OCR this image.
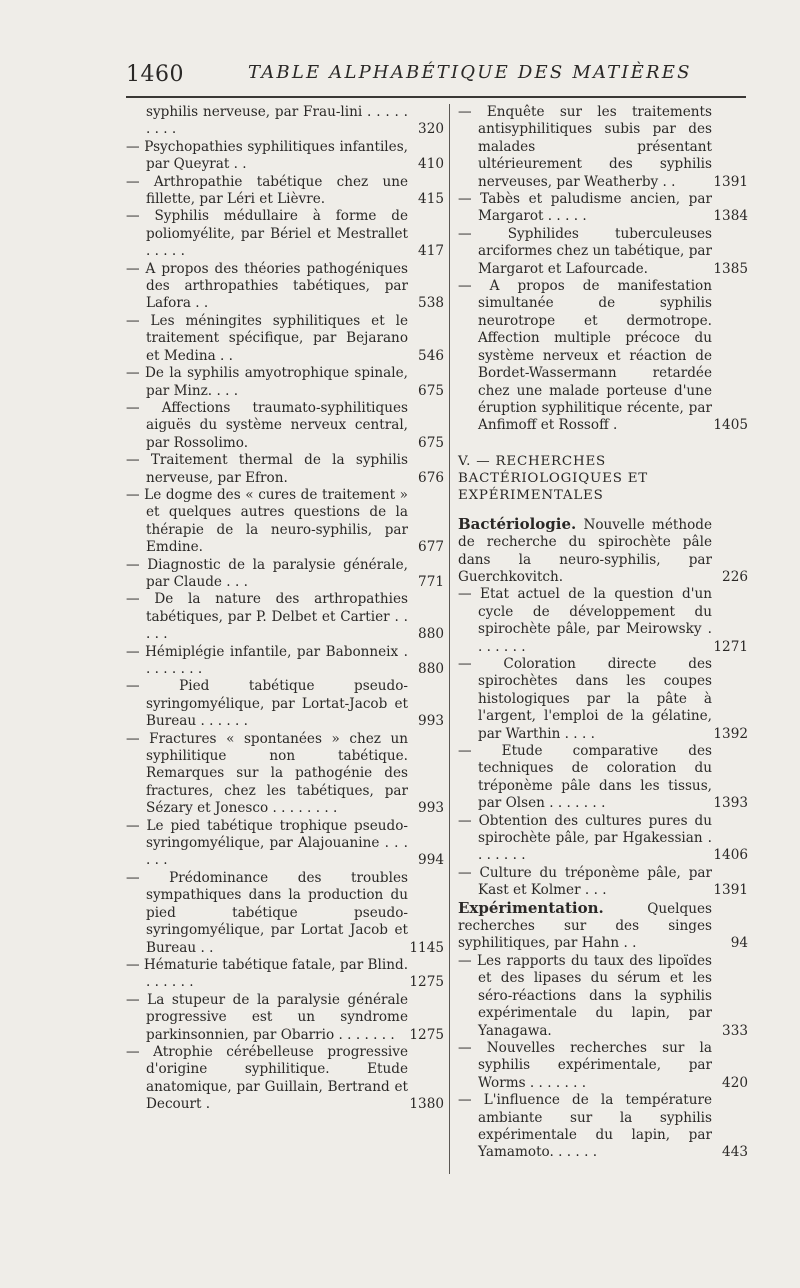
1460	TABLE ALPHABÉTIQUE DES MATIÈRES
syphilis nerveuse, par Frau-lini . . . . . . . . .	320
— Psychopathies syphilitiques infantiles, par Queyrat . .	410
— Arthropathie tabétique chez une fillette, par Léri et Lièvre.	415
— Syphilis médullaire à forme de poliomyélite, par Bériel et Mestrallet . . . . .	417
— A propos des théories pathogéniques des arthropathies tabétiques, par Lafora . .	538
— Les méningites syphilitiques et le traitement spécifique, par Bejarano et Medina . .	546
— De la syphilis amyotrophique spinale, par Minz. . . .	675
— Affections traumato-syphilitiques aiguës du système nerveux central, par Rossolimo.	675
— Traitement thermal de la syphilis nerveuse, par Efron.	676
— Le dogme des « cures de traitement » et quelques autres questions de la thérapie de la neuro-syphilis, par Emdine.	677
— Diagnostic de la paralysie générale, par Claude . . .	771
— De la nature des arthropathies tabétiques, par P. Delbet et Cartier . . . . .	880
— Hémiplégie infantile, par Babonneix . . . . . . . .	880
— Pied tabétique pseudo-syringomyélique, par Lortat-Jacob et Bureau . . . . . .	993
— Fractures « spontanées » chez un syphilitique non tabétique. Remarques sur la pathogénie des fractures, chez les tabétiques, par Sézary et Jonesco . . . . . . . .	993
— Le pied tabétique trophique pseudo-syringomyélique, par Alajouanine . . . . . .	994
— Prédominance des troubles sympathiques dans la production du pied tabétique pseudo-syringomyélique, par Lortat Jacob et Bureau . .	1145
— Hématurie tabétique fatale, par Blind. . . . . . .	1275
— La stupeur de la paralysie générale progressive est un syndrome parkinsonnien, par Obarrio . . . . . . .	1275
— Atrophie cérébelleuse progressive d'origine syphilitique. Etude anatomique, par Guillain, Bertrand et Decourt .	1380
— Enquête sur les traitements antisyphilitiques subis par des malades présentant ultérieurement des syphilis nerveuses, par Weatherby . .	1391
— Tabès et paludisme ancien, par Margarot . . . . .	1384
— Syphilides tuberculeuses arciformes chez un tabétique, par Margarot et Lafourcade.	1385
— A propos de manifestation simultanée de syphilis neurotrope et dermotrope. Affection multiple précoce du système nerveux et réaction de Bordet-Wassermann retardée chez une malade porteuse d'une éruption syphilitique récente, par Anfimoff et Rossoff .	1405
V. — RECHERCHES BACTÉRIOLOGIQUES ET EXPÉRIMENTALES
Bactériologie. Nouvelle méthode de recherche du spirochète pâle dans la neuro-syphilis, par Guerchkovitch.	226
— Etat actuel de la question d'un cycle de développement du spirochète pâle, par Meirowsky . . . . . . .	1271
— Coloration directe des spirochètes dans les coupes histologiques par la pâte à l'argent, l'emploi de la gélatine, par Warthin . . . .	1392
— Etude comparative des techniques de coloration du tréponème pâle dans les tissus, par Olsen . . . . . . .	1393
— Obtention des cultures pures du spirochète pâle, par Hgakessian . . . . . . .	1406
— Culture du tréponème pâle, par Kast et Kolmer . . .	1391
Expérimentation.	Quelques recherches sur des singes syphilitiques, par Hahn . .	94
— Les rapports du taux des lipoïdes et des lipases du sérum et les séro-réactions dans la syphilis expérimentale du lapin, par Yanagawa.	333
— Nouvelles recherches sur la syphilis expérimentale, par Worms . . . . . . .	420
— L'influence de la température ambiante sur la syphilis expérimentale du lapin, par Yamamoto. . . . . .	443
